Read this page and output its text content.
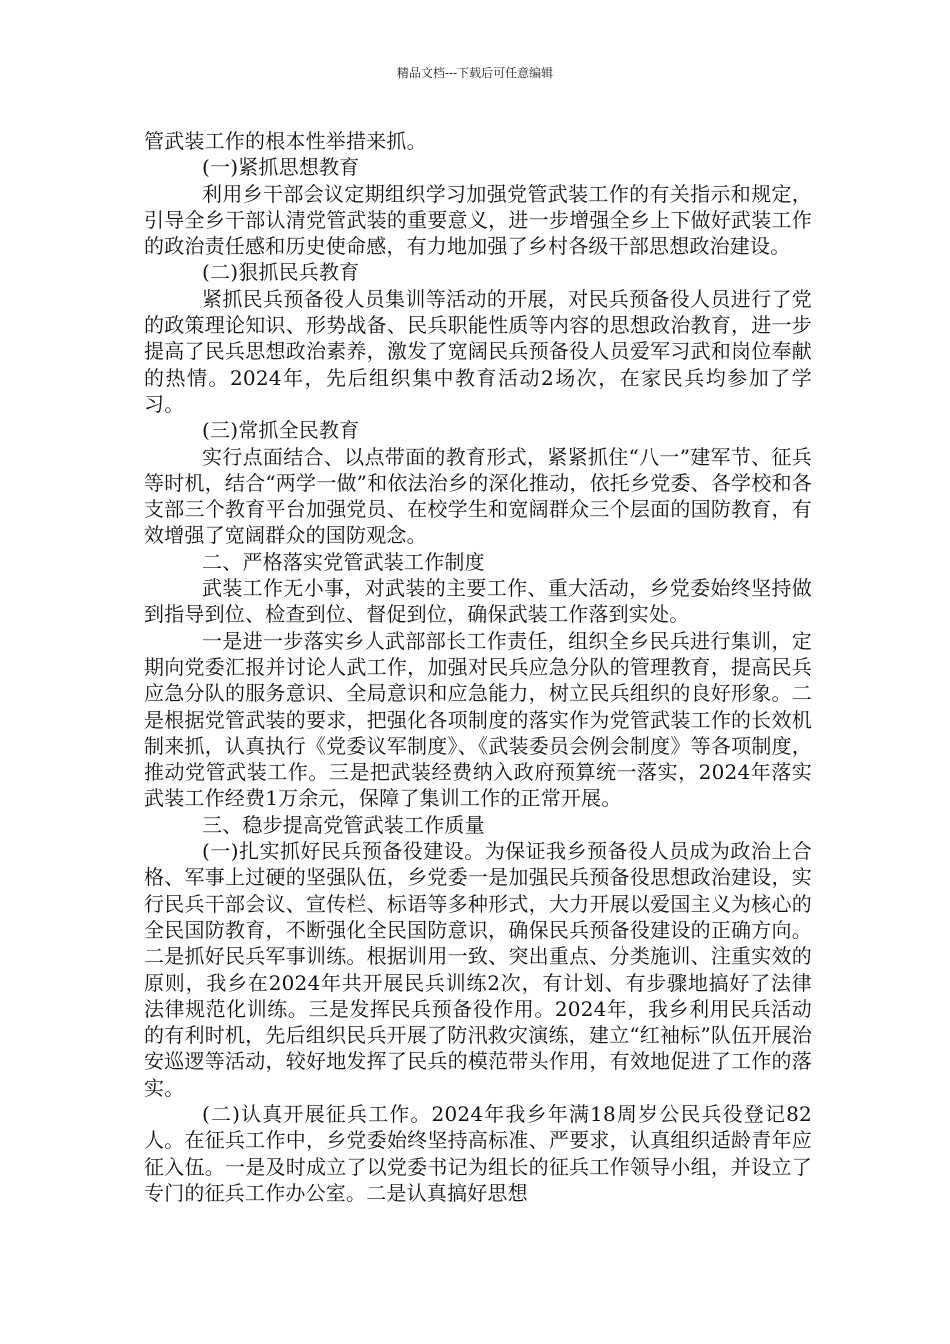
精品文档---下载后可任意编辑

管武装工作的根本性举措来抓。

(一)紧抓思想教育

利用乡干部会议定期组织学习加强党管武装工作的有关指示和规定，引导全乡干部认清党管武装的重要意义，进一步增强全乡上下做好武装工作的政治责任感和历史使命感，有力地加强了乡村各级干部思想政治建设。

(二)狠抓民兵教育

紧抓民兵预备役人员集训等活动的开展，对民兵预备役人员进行了党的政策理论知识、形势战备、民兵职能性质等内容的思想政治教育，进一步提高了民兵思想政治素养，激发了宽阔民兵预备役人员爱军习武和岗位奉献的热情。2024年，先后组织集中教育活动2场次，在家民兵均参加了学习。

(三)常抓全民教育

实行点面结合、以点带面的教育形式，紧紧抓住“八一”建军节、征兵等时机，结合“两学一做”和依法治乡的深化推动，依托乡党委、各学校和各支部三个教育平台加强党员、在校学生和宽阔群众三个层面的国防教育，有效增强了宽阔群众的国防观念。

二、严格落实党管武装工作制度

武装工作无小事，对武装的主要工作、重大活动，乡党委始终坚持做到指导到位、检查到位、督促到位，确保武装工作落到实处。

一是进一步落实乡人武部部长工作责任，组织全乡民兵进行集训，定期向党委汇报并讨论人武工作，加强对民兵应急分队的管理教育，提高民兵应急分队的服务意识、全局意识和应急能力，树立民兵组织的良好形象。二是根据党管武装的要求，把强化各项制度的落实作为党管武装工作的长效机制来抓，认真执行《党委议军制度》、《武装委员会例会制度》等各项制度，推动党管武装工作。三是把武装经费纳入政府预算统一落实，2024年落实武装工作经费1万余元，保障了集训工作的正常开展。

三、稳步提高党管武装工作质量

(一)扎实抓好民兵预备役建设。为保证我乡预备役人员成为政治上合格、军事上过硬的坚强队伍，乡党委一是加强民兵预备役思想政治建设，实行民兵干部会议、宣传栏、标语等多种形式，大力开展以爱国主义为核心的全民国防教育，不断强化全民国防意识，确保民兵预备役建设的正确方向。二是抓好民兵军事训练。根据训用一致、突出重点、分类施训、注重实效的原则，我乡在2024年共开展民兵训练2次，有计划、有步骤地搞好了法律法律规范化训练。三是发挥民兵预备役作用。2024年，我乡利用民兵活动的有利时机，先后组织民兵开展了防汛救灾演练，建立“红袖标”队伍开展治安巡逻等活动，较好地发挥了民兵的模范带头作用，有效地促进了工作的落实。

(二)认真开展征兵工作。2024年我乡年满18周岁公民兵役登记82人。在征兵工作中，乡党委始终坚持高标准、严要求，认真组织适龄青年应征入伍。一是及时成立了以党委书记为组长的征兵工作领导小组，并设立了专门的征兵工作办公室。二是认真搞好思想
